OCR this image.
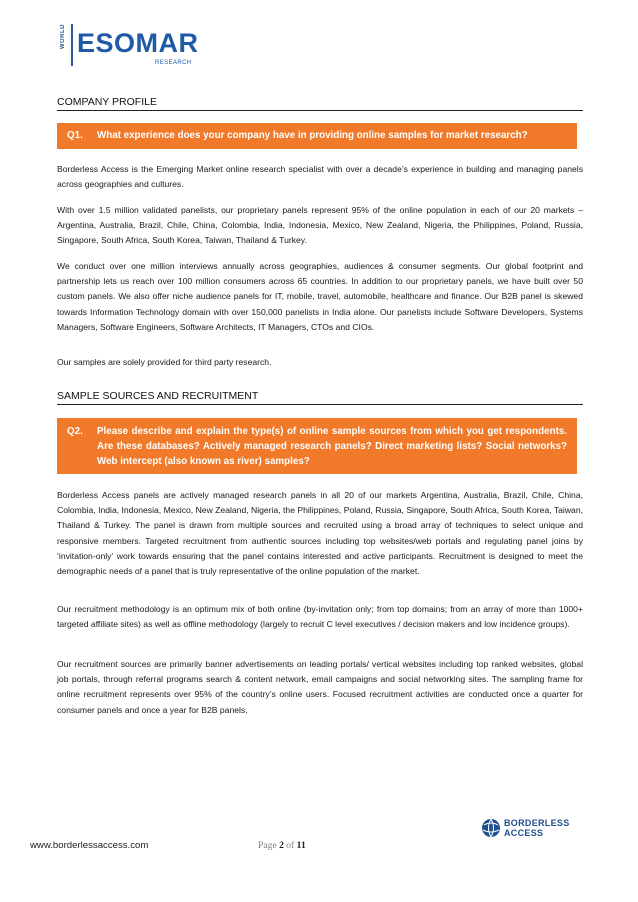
WORLD ESOMAR
RESEARCH
COMPANY PROFILE
Q1.	What experience does your company have in providing online samples for market research?

Borderless Access is the Emerging Market online research specialist with over a decade’s experience in building and managing panels across geographies and cultures.

With over 1.5 million validated panelists, our proprietary panels represent 95% of the online population in each of our 20 markets – Argentina, Australia, Brazil, Chile, China, Colombia, India, Indonesia, Mexico, New Zealand, Nigeria, the Philippines, Poland, Russia, Singapore, South Africa, South Korea, Taiwan, Thailand & Turkey.

We conduct over one million interviews annually across geographies, audiences & consumer segments. Our global footprint and partnership lets us reach over 100 million consumers across 65 countries. In addition to our proprietary panels, we have built over 50 custom panels. We also offer niche audience panels for IT, mobile, travel, automobile, healthcare and finance. Our B2B panel is skewed towards Information Technology domain with over 150,000 panelists in India alone. Our panelists include Software Developers, Systems Managers, Software Engineers, Software Architects, IT Managers, CTOs and CIOs.

Our samples are solely provided for third party research.

SAMPLE SOURCES AND RECRUITMENT
Q2.	Please describe and explain the type(s) of online sample sources from which you get respondents. Are these databases? Actively managed research panels? Direct marketing lists? Social networks? Web intercept (also known as river) samples?

Borderless Access panels are actively managed research panels in all 20 of our markets Argentina, Australia, Brazil, Chile, China, Colombia, India, Indonesia, Mexico, New Zealand, Nigeria, the Philippines, Poland, Russia, Singapore, South Africa, South Korea, Taiwan, Thailand & Turkey. The panel is drawn from multiple sources and recruited using a broad array of techniques to select unique and responsive members. Targeted recruitment from authentic sources including top websites/web portals and regulating panel joins by ‘invitation-only’ work towards ensuring that the panel contains interested and active participants. Recruitment is designed to meet the demographic needs of a panel that is truly representative of the online population of the market.

Our recruitment methodology is an optimum mix of both online (by-invitation only; from top domains; from an array of more than 1000+ targeted affiliate sites) as well as offline methodology (largely to recruit C level executives / decision makers and low incidence groups).

Our recruitment sources are primarily banner advertisements on leading portals/ vertical websites including top ranked websites, global job portals, through referral programs search & content network, email campaigns and social networking sites. The sampling frame for online recruitment represents over 95% of the country’s online users. Focused recruitment activities are conducted once a quarter for consumer panels and once a year for B2B panels.

www.borderlessaccess.com	Page 2 of 11
BORDERLESS
ACCESS
